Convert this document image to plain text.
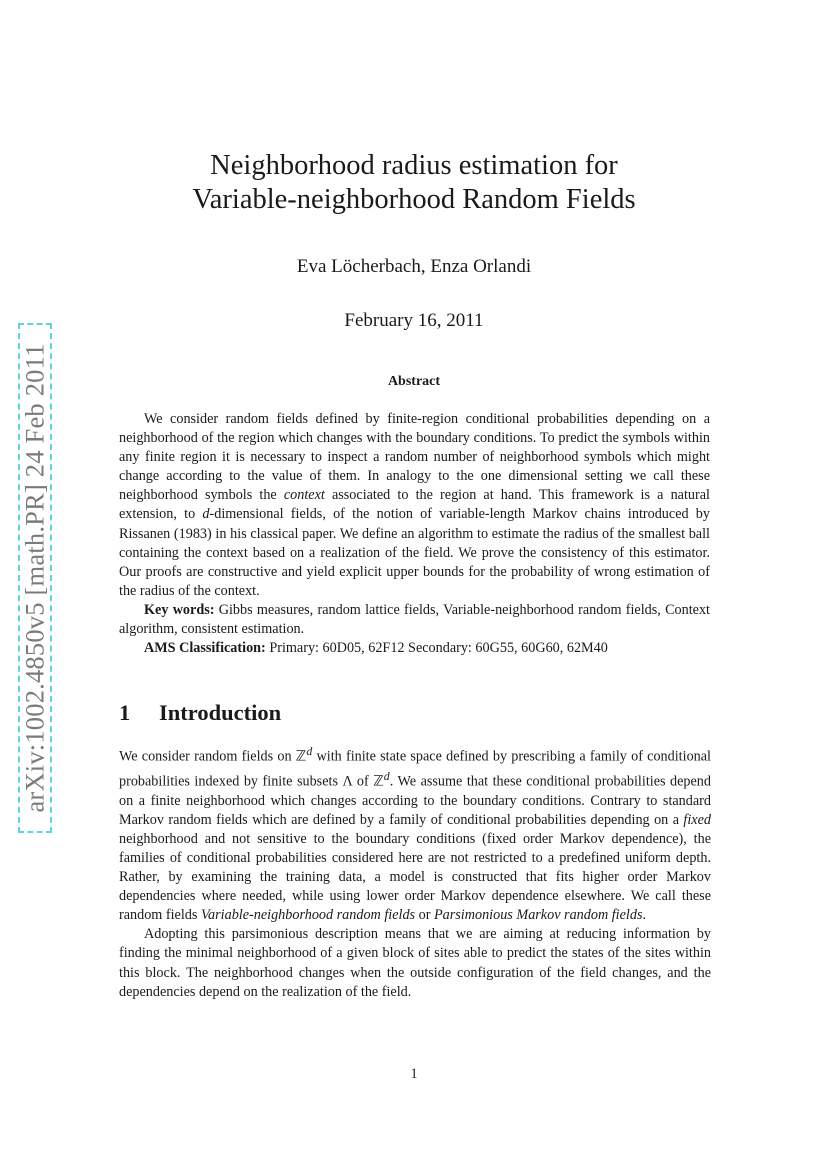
arXiv:1002.4850v5 [math.PR] 24 Feb 2011
Neighborhood radius estimation for
Variable-neighborhood Random Fields
Eva Löcherbach, Enza Orlandi
February 16, 2011
Abstract

We consider random fields defined by finite-region conditional probabilities depending on a neighborhood of the region which changes with the boundary conditions. To predict the symbols within any finite region it is necessary to inspect a random number of neighborhood symbols which might change according to the value of them. In analogy to the one dimensional setting we call these neighborhood symbols the context associated to the region at hand. This framework is a natural extension, to d-dimensional fields, of the notion of variable-length Markov chains introduced by Rissanen (1983) in his classical paper. We define an algorithm to estimate the radius of the smallest ball containing the context based on a realization of the field. We prove the consistency of this estimator. Our proofs are constructive and yield explicit upper bounds for the probability of wrong estimation of the radius of the context.

Key words: Gibbs measures, random lattice fields, Variable-neighborhood random fields, Context algorithm, consistent estimation.

AMS Classification: Primary: 60D05, 62F12 Secondary: 60G55, 60G60, 62M40

1 Introduction

We consider random fields on ℤ$^d$ with finite state space defined by prescribing a family of conditional probabilities indexed by finite subsets Λ of ℤ$^d$. We assume that these conditional probabilities depend on a finite neighborhood which changes according to the boundary conditions. Contrary to standard Markov random fields which are defined by a family of conditional probabilities depending on a fixed neighborhood and not sensitive to the boundary conditions (fixed order Markov dependence), the families of conditional probabilities considered here are not restricted to a predefined uniform depth. Rather, by examining the training data, a model is constructed that fits higher order Markov dependencies where needed, while using lower order Markov dependence elsewhere. We call these random fields Variable-neighborhood random fields or Parsimonious Markov random fields.

Adopting this parsimonious description means that we are aiming at reducing information by finding the minimal neighborhood of a given block of sites able to predict the states of the sites within this block. The neighborhood changes when the outside configuration of the field changes, and the dependencies depend on the realization of the field.

1
